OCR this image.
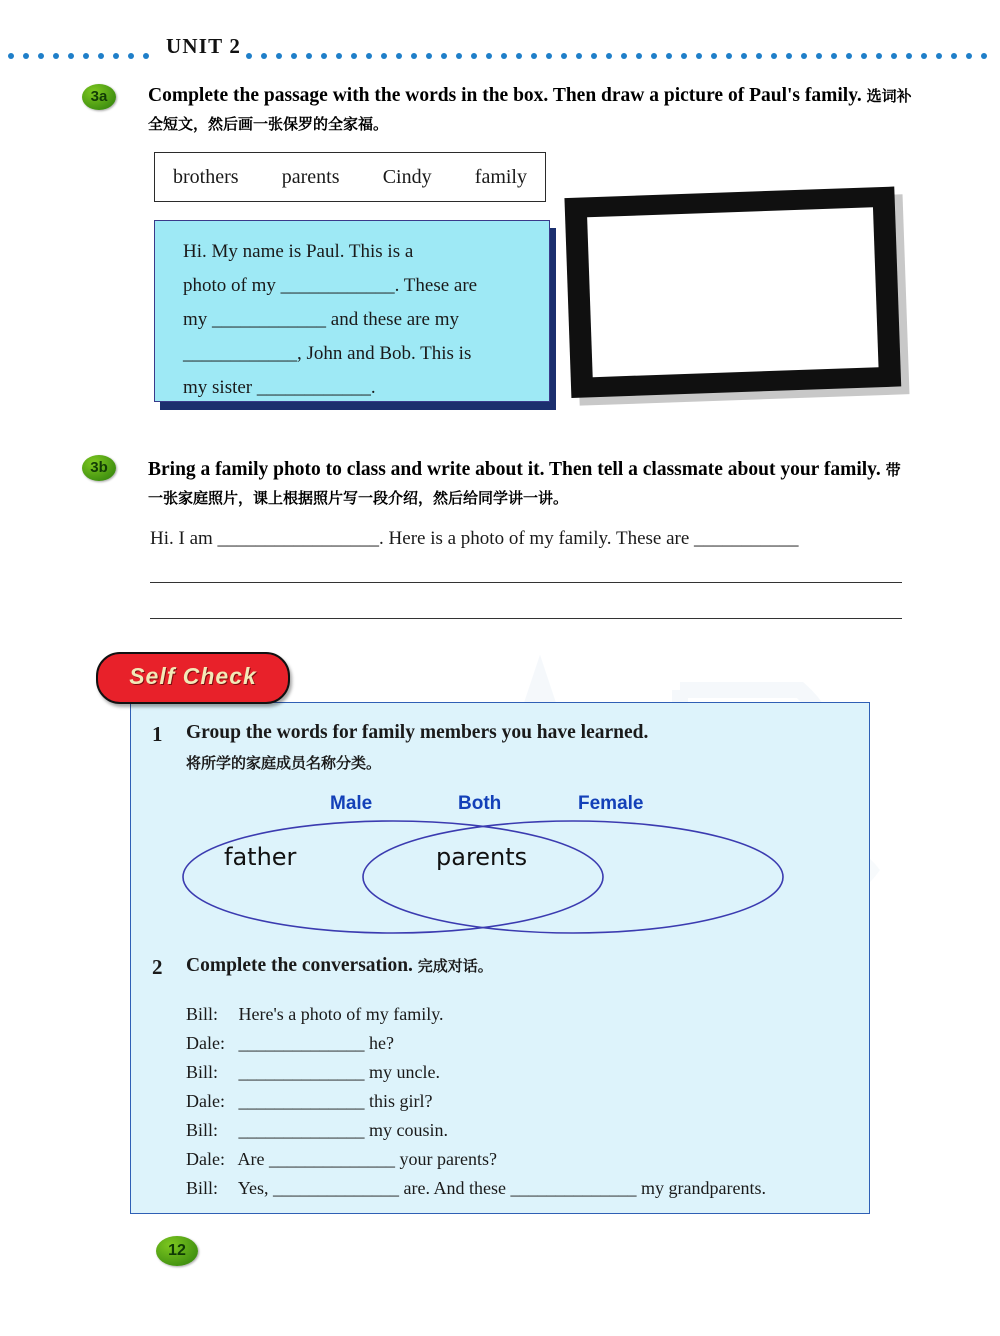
UNIT 2
3a	Complete the passage with the words in the box. Then draw a picture of Paul's family. 选词补全短文，然后画一张保罗的全家福。
brothers parents Cindy family
Hi. My name is Paul. This is a
photo of my ____________. These are
my ____________ and these are my
____________, John and Bob. This is
my sister ____________.
3b	Bring a family photo to class and write about it. Then tell a classmate about your family. 带一张家庭照片，课上根据照片写一段介绍，然后给同学讲一讲。
Hi. I am _________________. Here is a photo of my family. These are ___________
Self Check
1 Group the words for family members you have learned.
将所学的家庭成员名称分类。
Male	Both	Female
father	parents
2 Complete the conversation. 完成对话。
Bill: Here's a photo of my family.
Dale: ______________ he?
Bill: ______________ my uncle.
Dale: ______________ this girl?
Bill: ______________ my cousin.
Dale: Are ______________ your parents?
Bill: Yes, ______________ are. And these ______________ my grandparents.
12
